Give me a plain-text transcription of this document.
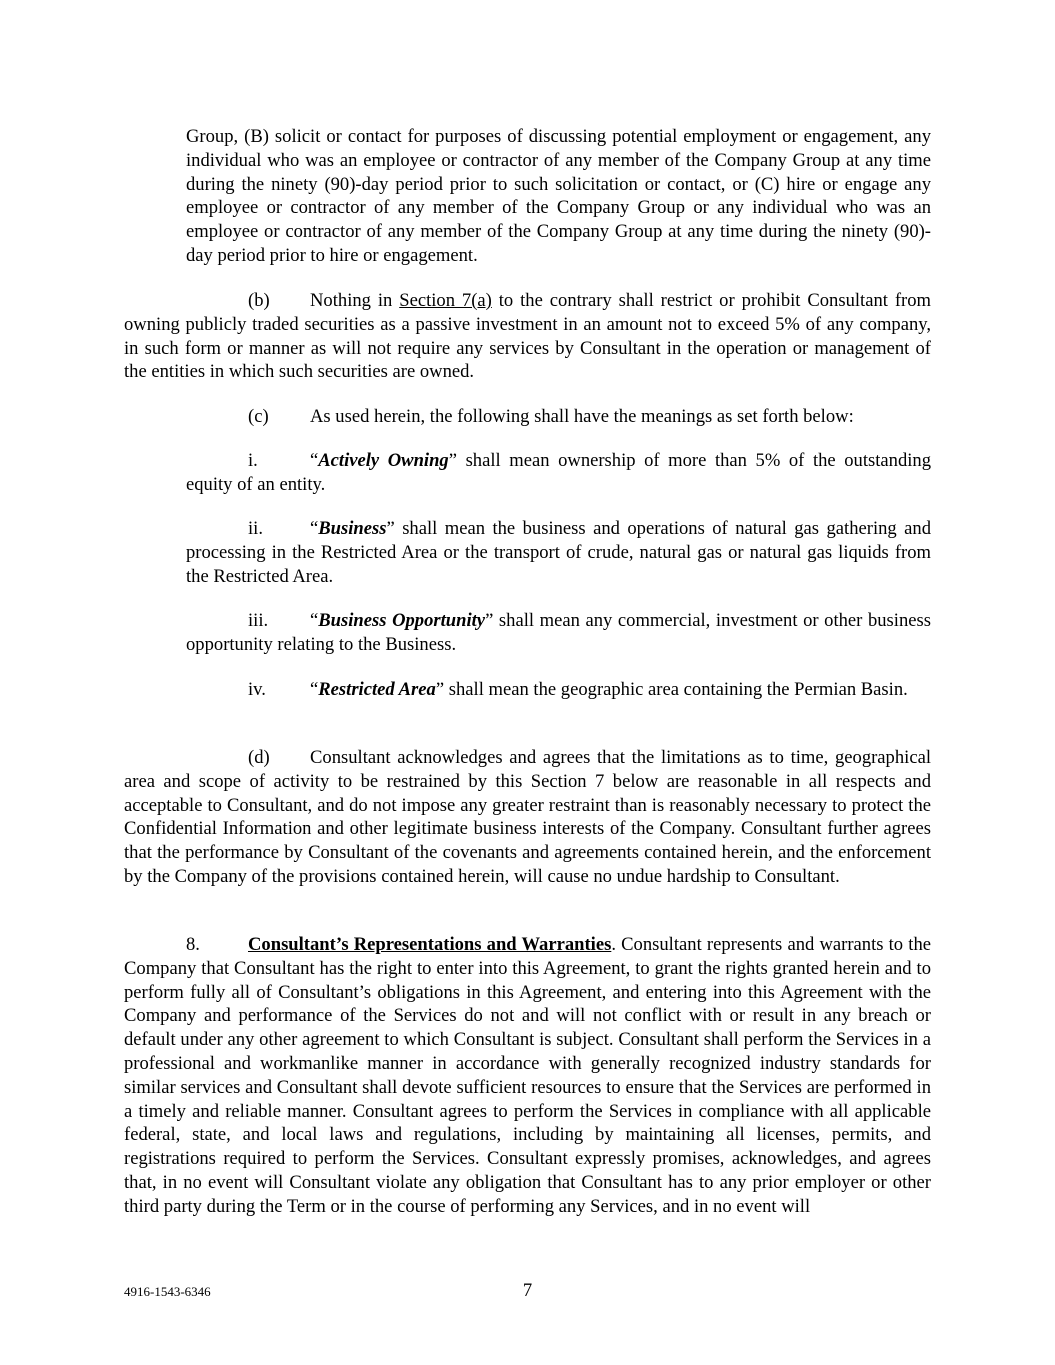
Group, (B) solicit or contact for purposes of discussing potential employment or engagement, any individual who was an employee or contractor of any member of the Company Group at any time during the ninety (90)-day period prior to such solicitation or contact, or (C) hire or engage any employee or contractor of any member of the Company Group or any individual who was an employee or contractor of any member of the Company Group at any time during the ninety (90)-day period prior to hire or engagement.

(b) Nothing in Section 7(a) to the contrary shall restrict or prohibit Consultant from owning publicly traded securities as a passive investment in an amount not to exceed 5% of any company, in such form or manner as will not require any services by Consultant in the operation or management of the entities in which such securities are owned.

(c) As used herein, the following shall have the meanings as set forth below:

i.	“Actively Owning” shall mean ownership of more than 5% of the outstanding equity of an entity.

ii.	“Business” shall mean the business and operations of natural gas gathering and processing in the Restricted Area or the transport of crude, natural gas or natural gas liquids from the Restricted Area.

iii. “Business Opportunity” shall mean any commercial, investment or other business opportunity relating to the Business.

iv. “Restricted Area” shall mean the geographic area containing the Permian Basin.

(d) Consultant acknowledges and agrees that the limitations as to time, geographical area and scope of activity to be restrained by this Section 7 below are reasonable in all respects and acceptable to Consultant, and do not impose any greater restraint than is reasonably necessary to protect the Confidential Information and other legitimate business interests of the Company. Consultant further agrees that the performance by Consultant of the covenants and agreements contained herein, and the enforcement by the Company of the provisions contained herein, will cause no undue hardship to Consultant.

8.	Consultant’s Representations and Warranties. Consultant represents and warrants to the Company that Consultant has the right to enter into this Agreement, to grant the rights granted herein and to perform fully all of Consultant’s obligations in this Agreement, and entering into this Agreement with the Company and performance of the Services do not and will not conflict with or result in any breach or default under any other agreement to which Consultant is subject. Consultant shall perform the Services in a professional and workmanlike manner in accordance with generally recognized industry standards for similar services and Consultant shall devote sufficient resources to ensure that the Services are performed in a timely and reliable manner. Consultant agrees to perform the Services in compliance with all applicable federal, state, and local laws and regulations, including by maintaining all licenses, permits, and registrations required to perform the Services. Consultant expressly promises, acknowledges, and agrees that, in no event will Consultant violate any obligation that Consultant has to any prior employer or other third party during the Term or in the course of performing any Services, and in no event will

4916-1543-6346	7
